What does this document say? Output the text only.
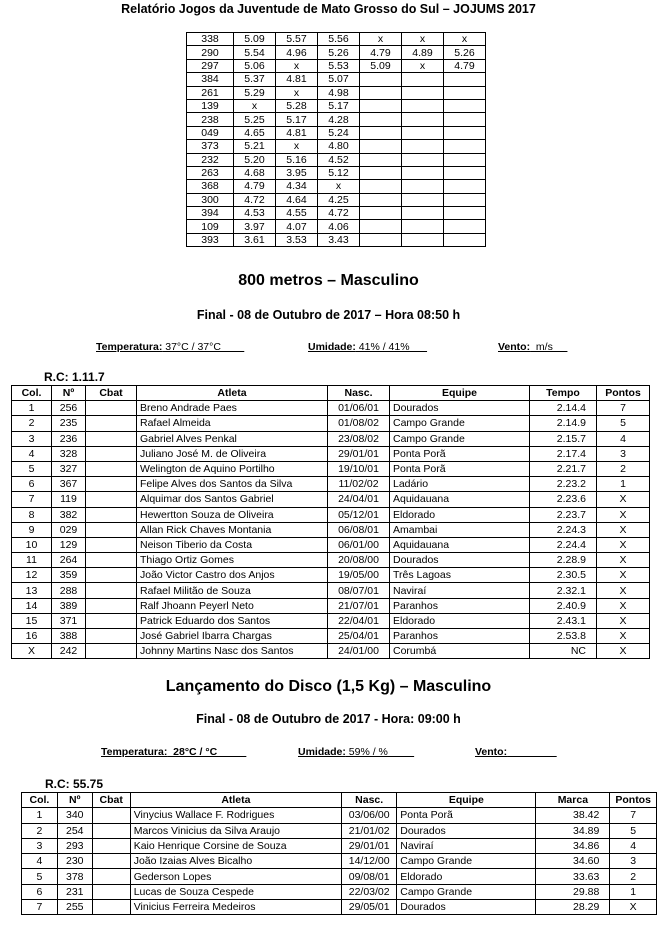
Relatório Jogos da Juventude de Mato Grosso do Sul – JOJUMS 2017
338	5.09	5.57	5.56	x	x	x
290	5.54	4.96	5.26	4.79	4.89	5.26
297	5.06	x	5.53	5.09	x	4.79
384	5.37	4.81	5.07			
261	5.29	x	4.98			
139	x	5.28	5.17			
238	5.25	5.17	4.28			
049	4.65	4.81	5.24			
373	5.21	x	4.80			
232	5.20	5.16	4.52			
263	4.68	3.95	5.12			
368	4.79	4.34	x			
300	4.72	4.64	4.25			
394	4.53	4.55	4.72			
109	3.97	4.07	4.06			
393	3.61	3.53	3.43			
800 metros – Masculino
Final - 08 de Outubro de 2017 – Hora 08:50 h
Temperatura: 37°C / 37°C	Umidade: 41% / 41%	Vento:  m/s
R.C: 1.11.7
Col.	Nº	Cbat	Atleta	Nasc.	Equipe	Tempo	Pontos
1	256		Breno Andrade Paes	01/06/01	Dourados	2.14.4	7
2	235		Rafael Almeida	01/08/02	Campo Grande	2.14.9	5
3	236		Gabriel Alves Penkal	23/08/02	Campo Grande	2.15.7	4
4	328		Juliano José M. de Oliveira	29/01/01	Ponta Porã	2.17.4	3
5	327		Welington de Aquino Portilho	19/10/01	Ponta Porã	2.21.7	2
6	367		Felipe Alves dos Santos da Silva	11/02/02	Ladário	2.23.2	1
7	119		Alquimar dos Santos Gabriel	24/04/01	Aquidauana	2.23.6	X
8	382		Hewertton Souza de Oliveira	05/12/01	Eldorado	2.23.7	X
9	029		Allan Rick Chaves Montania	06/08/01	Amambai	2.24.3	X
10	129		Neison Tiberio da Costa	06/01/00	Aquidauana	2.24.4	X
11	264		Thiago Ortiz Gomes	20/08/00	Dourados	2.28.9	X
12	359		João Victor Castro dos Anjos	19/05/00	Três Lagoas	2.30.5	X
13	288		Rafael Militão de Souza	08/07/01	Naviraí	2.32.1	X
14	389		Ralf Jhoann Peyerl Neto	21/07/01	Paranhos	2.40.9	X
15	371		Patrick Eduardo dos Santos	22/04/01	Eldorado	2.43.1	X
16	388		José Gabriel Ibarra Chargas	25/04/01	Paranhos	2.53.8	X
X	242		Johnny Martins Nasc dos Santos	24/01/00	Corumbá	NC	X
Lançamento do Disco (1,5 Kg) – Masculino
Final - 08 de Outubro de 2017 - Hora: 09:00 h
Temperatura:  28°C / °C	Umidade: 59% / %	Vento:
R.C: 55.75
Col.	Nº	Cbat	Atleta	Nasc.	Equipe	Marca	Pontos
1	340		Vinycius Wallace F. Rodrigues	03/06/00	Ponta Porã	38.42	7
2	254		Marcos Vinicius da Silva Araujo	21/01/02	Dourados	34.89	5
3	293		Kaio Henrique Corsine de Souza	29/01/01	Naviraí	34.86	4
4	230		João Izaias Alves Bicalho	14/12/00	Campo Grande	34.60	3
5	378		Gederson Lopes	09/08/01	Eldorado	33.63	2
6	231		Lucas de Souza Cespede	22/03/02	Campo Grande	29.88	1
7	255		Vinicius Ferreira Medeiros	29/05/01	Dourados	28.29	X
